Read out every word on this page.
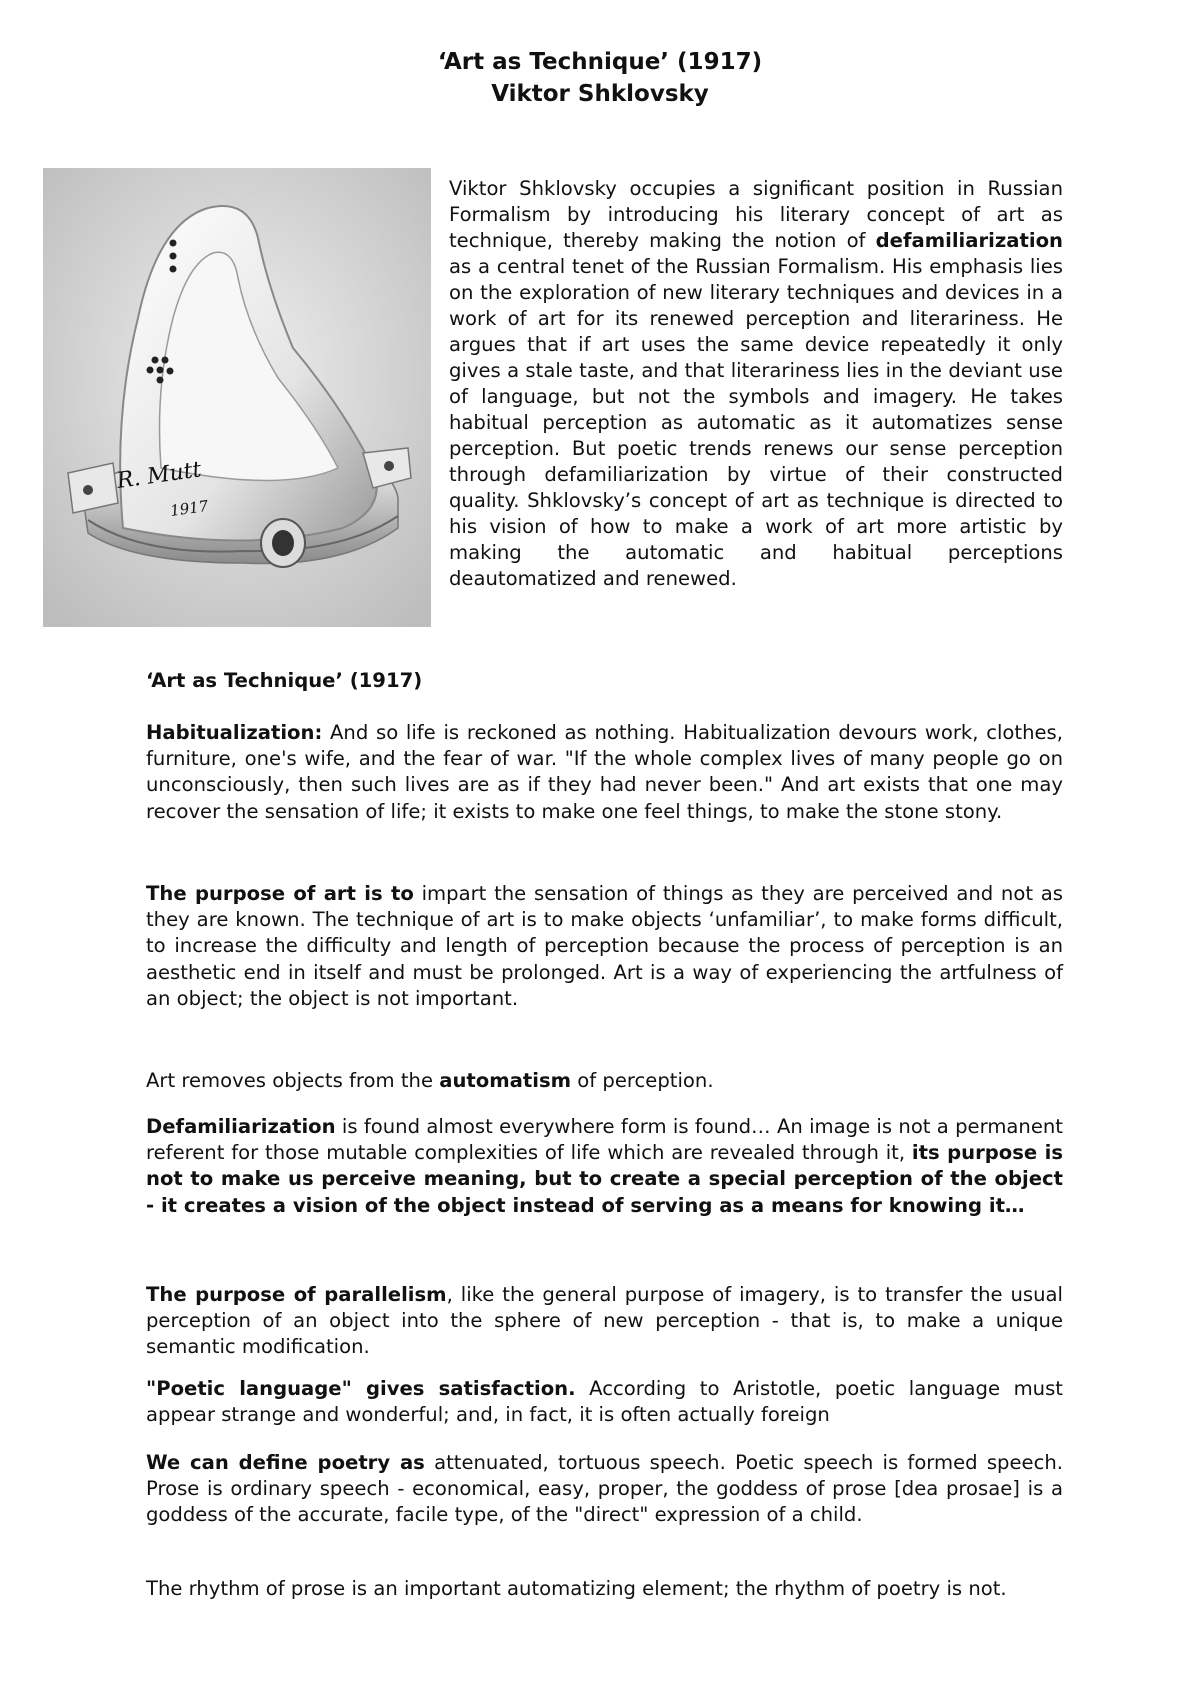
‘Art as Technique’ (1917)
Viktor Shklovsky
R. Mutt
1917

Viktor Shklovsky occupies a significant position in Russian Formalism by introducing his literary concept of art as technique, thereby making the notion of defamiliarization as a central tenet of the Russian Formalism. His emphasis lies on the exploration of new literary techniques and devices in a work of art for its renewed perception and literariness. He argues that if art uses the same device repeatedly it only gives a stale taste, and that literariness lies in the deviant use of language, but not the symbols and imagery. He takes habitual perception as automatic as it automatizes sense perception. But poetic trends renews our sense perception through defamiliarization by virtue of their constructed quality. Shklovsky’s concept of art as technique is directed to his vision of how to make a work of art more artistic by making the automatic and habitual perceptions deautomatized and renewed.

‘Art as Technique’ (1917)

Habitualization: And so life is reckoned as nothing. Habitualization devours work, clothes, furniture, one's wife, and the fear of war. "If the whole complex lives of many people go on unconsciously, then such lives are as if they had never been." And art exists that one may recover the sensation of life; it exists to make one feel things, to make the stone stony.

The purpose of art is to impart the sensation of things as they are perceived and not as they are known. The technique of art is to make objects ‘unfamiliar’, to make forms difficult, to increase the difficulty and length of perception because the process of perception is an aesthetic end in itself and must be prolonged. Art is a way of experiencing the artfulness of an object; the object is not important.

Art removes objects from the automatism of perception.

Defamiliarization is found almost everywhere form is found… An image is not a permanent referent for those mutable complexities of life which are revealed through it, its purpose is not to make us perceive meaning, but to create a special perception of the object - it creates a vision of the object instead of serving as a means for knowing it…

The purpose of parallelism, like the general purpose of imagery, is to transfer the usual perception of an object into the sphere of new perception - that is, to make a unique semantic modification.

"Poetic language" gives satisfaction. According to Aristotle, poetic language must appear strange and wonderful; and, in fact, it is often actually foreign

We can define poetry as attenuated, tortuous speech. Poetic speech is formed speech. Prose is ordinary speech - economical, easy, proper, the goddess of prose [dea prosae] is a goddess of the accurate, facile type, of the "direct" expression of a child.

The rhythm of prose is an important automatizing element; the rhythm of poetry is not.
